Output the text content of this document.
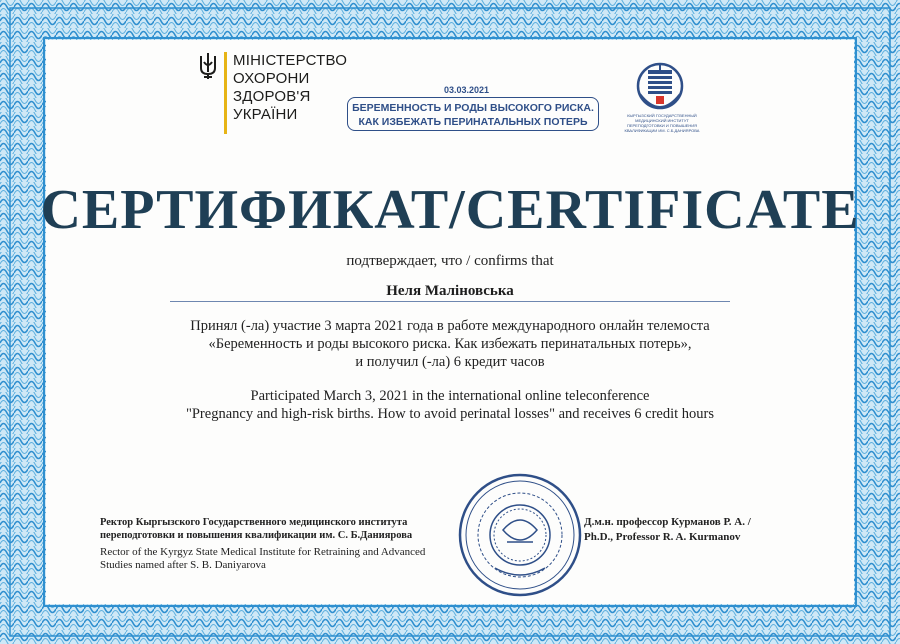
МІНІСТЕРСТВО
ОХОРОНИ
ЗДОРОВ'Я
УКРАЇНИ	БЕРЕМЕННОСТЬ И РОДЫ ВЫСОКОГО РИСКА.
КАК ИЗБЕЖАТЬ ПЕРИНАТАЛЬНЫХ ПОТЕРЬ
03.03.2021
КЫРГЫЗСКИЙ ГОСУДАРСТВЕННЫЙ МЕДИЦИНСКИЙ ИНСТИТУТ ПЕРЕПОДГОТОВКИ И ПОВЫШЕНИЯ КВАЛИФИКАЦИИ ИМ. С.Б.ДАНИЯРОВА
СЕРТИФИКАТ/CERTIFICATE
подтверждает, что / confirms that
Неля Маліновська
Принял (-ла) участие 3 марта 2021 года в работе международного онлайн телемоста
«Беременность и роды высокого риска. Как избежать перинатальных потерь»,
и получил (-ла) 6 кредит часов
Participated March 3, 2021 in the international online teleconference
"Pregnancy and high-risk births. How to avoid perinatal losses" and receives 6 credit hours
Ректор Кыргызского Государственного медицинского института
переподготовки и повышения квалификации им. С. Б.Даниярова
Rector of the Kyrgyz State Medical Institute for Retraining and Advanced
Studies named after S. B. Daniyarova
Д.м.н. профессор Курманов Р. А. /
Ph.D., Professor R. A. Kurmanov
